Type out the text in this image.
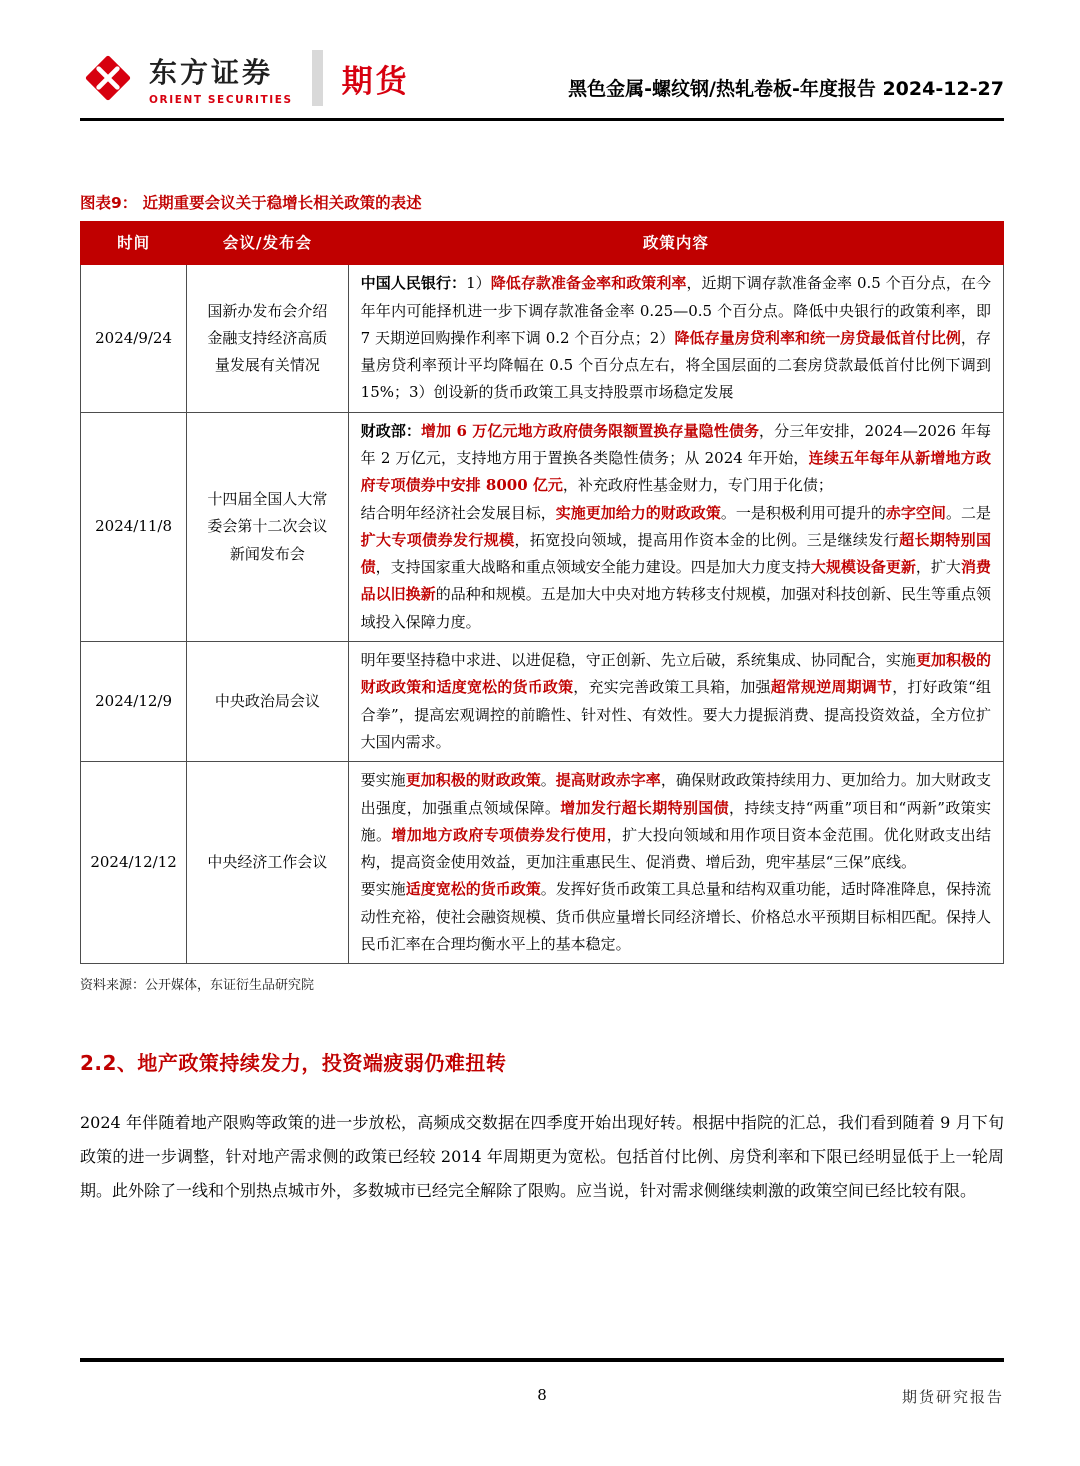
东方证券
ORIENT SECURITIES 期货	黑色金属-螺纹钢/热轧卷板-年度报告 2024-12-27
图表9： 近期重要会议关于稳增长相关政策的表述
时间	会议/发布会	政策内容
2024/9/24	国新办发布会介绍金融支持经济高质量发展有关情况	中国人民银行：1）降低存款准备金率和政策利率，近期下调存款准备金率 0.5 个百分点，在今年年内可能择机进一步下调存款准备金率 0.25—0.5 个百分点。降低中央银行的政策利率，即 7 天期逆回购操作利率下调 0.2 个百分点；2）降低存量房贷利率和统一房贷最低首付比例，存量房贷利率预计平均降幅在 0.5 个百分点左右，将全国层面的二套房贷款最低首付比例下调到 15%；3）创设新的货币政策工具支持股票市场稳定发展

2024/11/8	十四届全国人大常委会第十二次会议新闻发布会	财政部：增加 6 万亿元地方政府债务限额置换存量隐性债务，分三年安排，2024—2026 年每年 2 万亿元，支持地方用于置换各类隐性债务；从 2024 年开始，连续五年每年从新增地方政府专项债券中安排 8000 亿元，补充政府性基金财力，专门用于化债；
结合明年经济社会发展目标，实施更加给力的财政政策。一是积极利用可提升的赤字空间。二是扩大专项债券发行规模，拓宽投向领域，提高用作资本金的比例。三是继续发行超长期特别国债，支持国家重大战略和重点领域安全能力建设。四是加大力度支持大规模设备更新，扩大消费品以旧换新的品种和规模。五是加大中央对地方转移支付规模，加强对科技创新、民生等重点领域投入保障力度。

2024/12/9	中央政治局会议	明年要坚持稳中求进、以进促稳，守正创新、先立后破，系统集成、协同配合，实施更加积极的财政政策和适度宽松的货币政策，充实完善政策工具箱，加强超常规逆周期调节，打好政策“组合拳”，提高宏观调控的前瞻性、针对性、有效性。要大力提振消费、提高投资效益，全方位扩大国内需求。

2024/12/12	中央经济工作会议	要实施更加积极的财政政策。提高财政赤字率，确保财政政策持续用力、更加给力。加大财政支出强度，加强重点领域保障。增加发行超长期特别国债，持续支持“两重”项目和“两新”政策实施。增加地方政府专项债券发行使用，扩大投向领域和用作项目资本金范围。优化财政支出结构，提高资金使用效益，更加注重惠民生、促消费、增后劲，兜牢基层“三保”底线。
要实施适度宽松的货币政策。发挥好货币政策工具总量和结构双重功能，适时降准降息，保持流动性充裕，使社会融资规模、货币供应量增长同经济增长、价格总水平预期目标相匹配。保持人民币汇率在合理均衡水平上的基本稳定。
资料来源：公开媒体，东证衍生品研究院
2.2、地产政策持续发力，投资端疲弱仍难扭转

2024 年伴随着地产限购等政策的进一步放松，高频成交数据在四季度开始出现好转。根据中指院的汇总，我们看到随着 9 月下旬政策的进一步调整，针对地产需求侧的政策已经较 2014 年周期更为宽松。包括首付比例、房贷利率和下限已经明显低于上一轮周期。此外除了一线和个别热点城市外，多数城市已经完全解除了限购。应当说，针对需求侧继续刺激的政策空间已经比较有限。

8	期货研究报告
